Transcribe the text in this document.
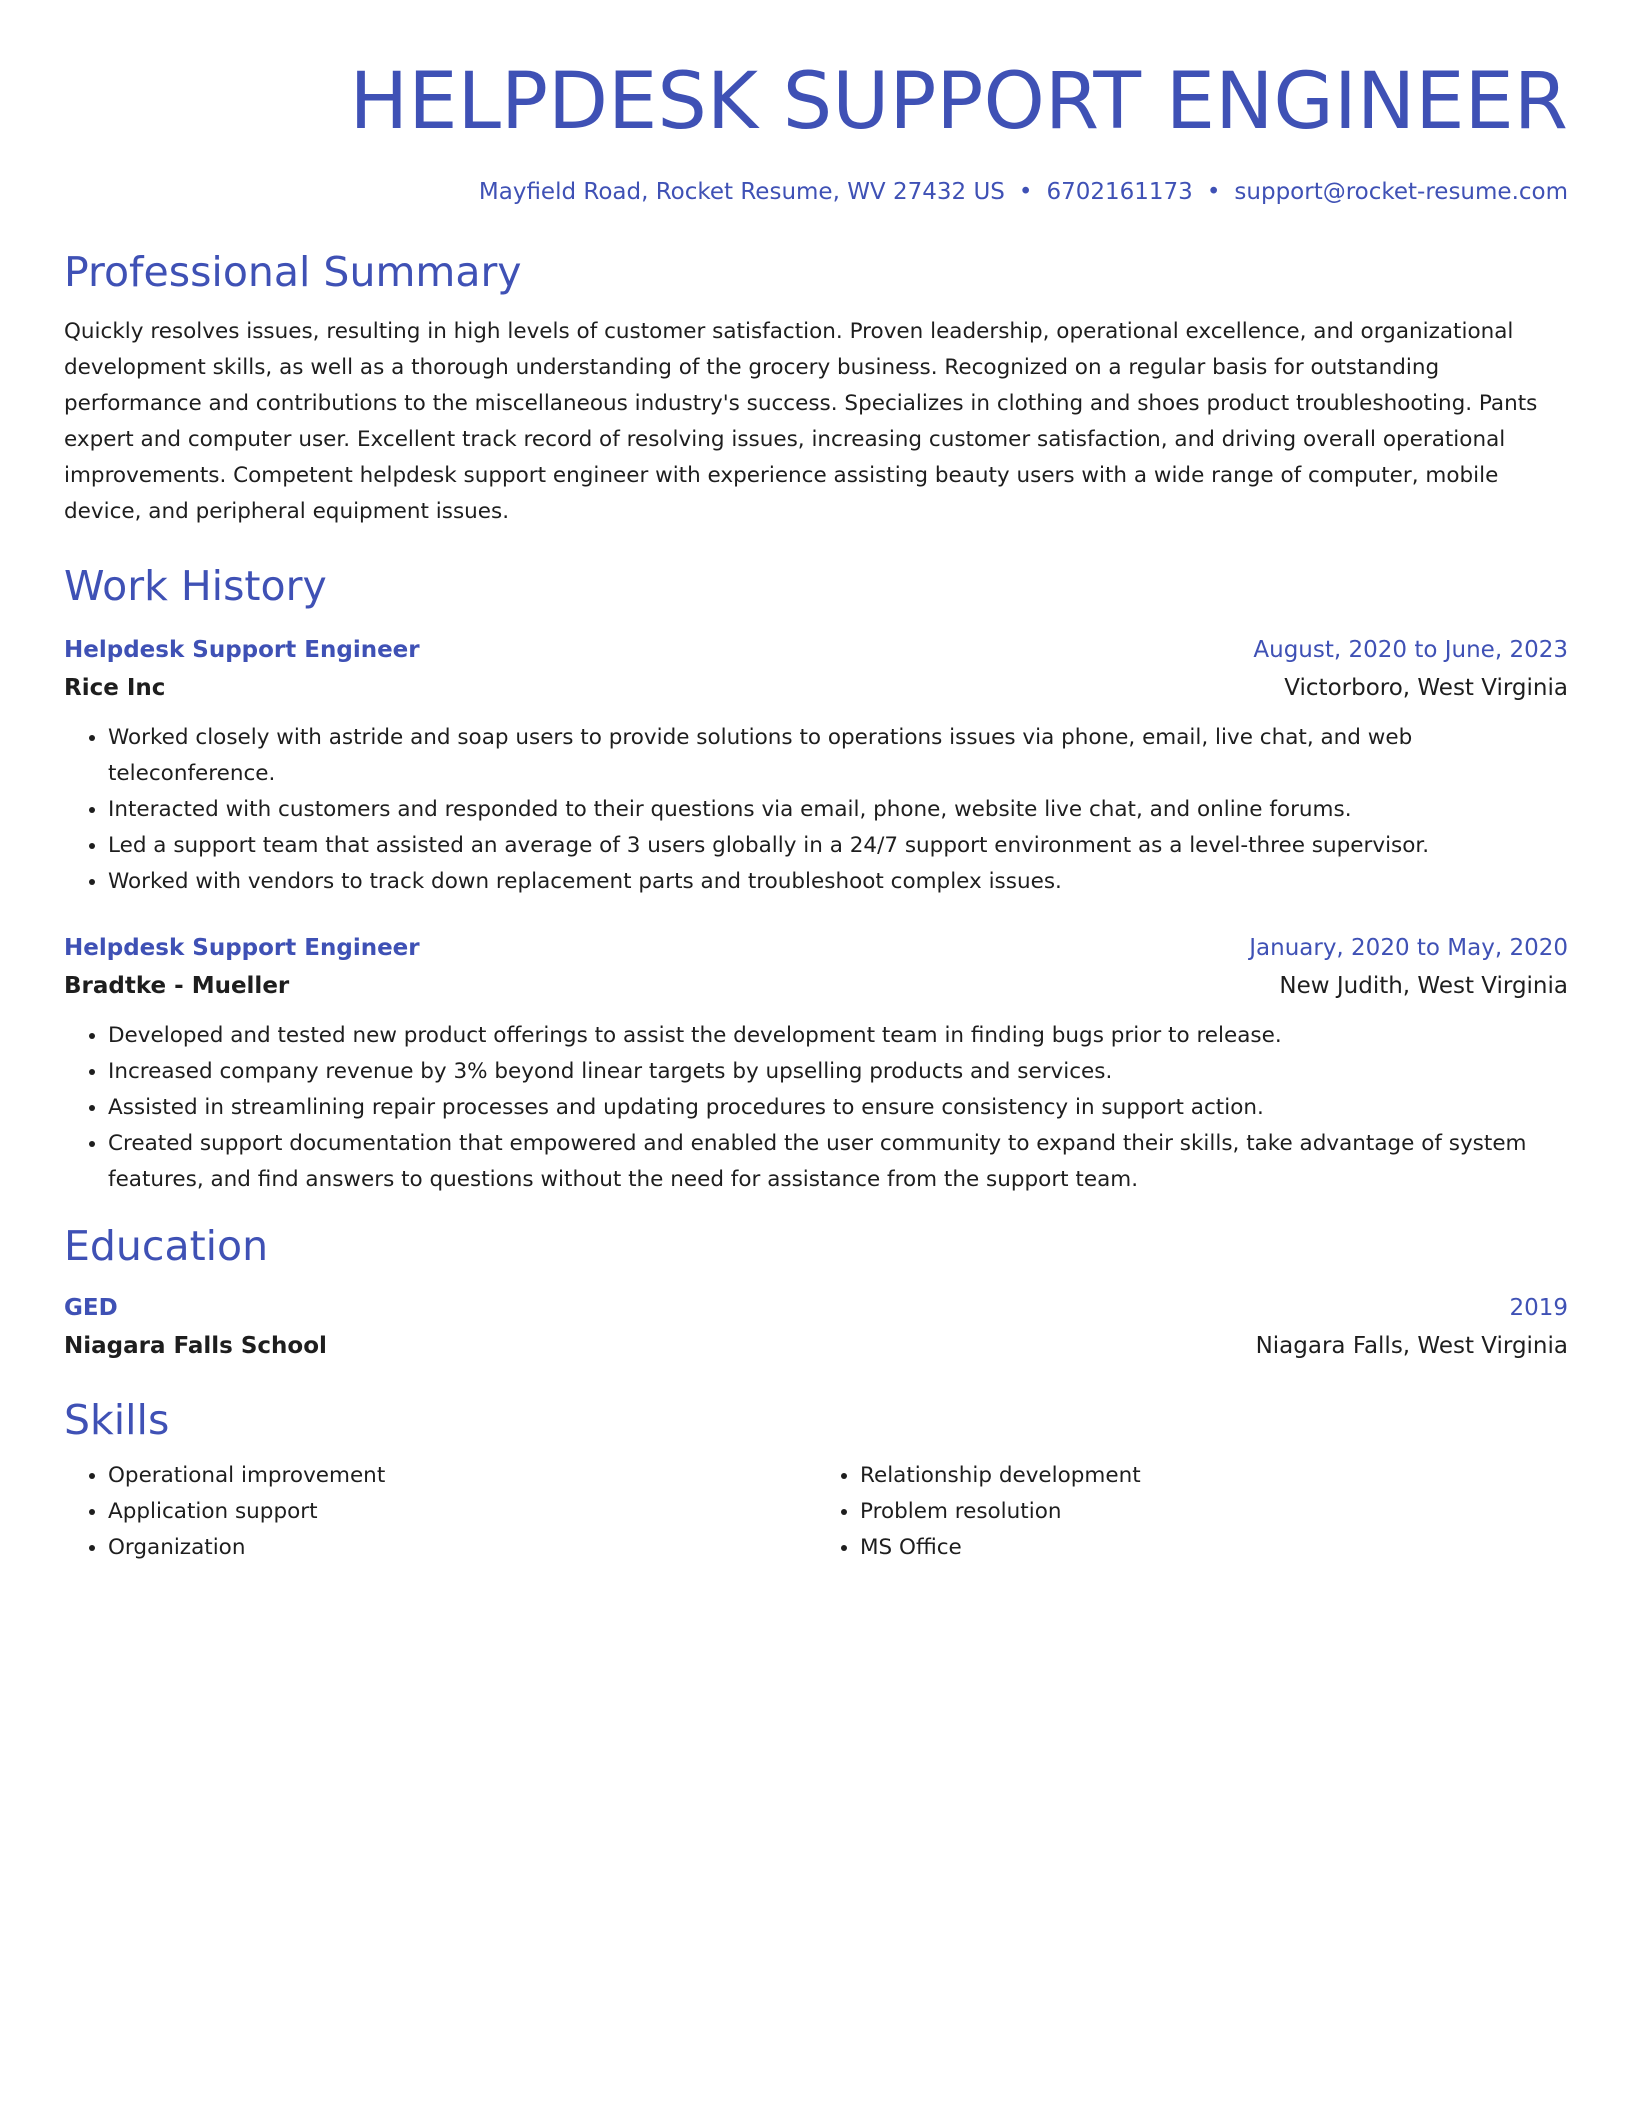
HELPDESK SUPPORT ENGINEER
Mayfield Road, Rocket Resume, WV 27432 US • 6702161173 • support@rocket-resume.com
Professional Summary
Quickly resolves issues, resulting in high levels of customer satisfaction. Proven leadership, operational excellence, and organizational development skills, as well as a thorough understanding of the grocery business. Recognized on a regular basis for outstanding performance and contributions to the miscellaneous industry's success. Specializes in clothing and shoes product troubleshooting. Pants expert and computer user. Excellent track record of resolving issues, increasing customer satisfaction, and driving overall operational improvements. Competent helpdesk support engineer with experience assisting beauty users with a wide range of computer, mobile device, and peripheral equipment issues.
Work History
Helpdesk Support Engineer	August, 2020 to June, 2023
Rice Inc	Victorboro, West Virginia
• Worked closely with astride and soap users to provide solutions to operations issues via phone, email, live chat, and web teleconference.
• Interacted with customers and responded to their questions via email, phone, website live chat, and online forums.
• Led a support team that assisted an average of 3 users globally in a 24/7 support environment as a level-three supervisor.
• Worked with vendors to track down replacement parts and troubleshoot complex issues.
Helpdesk Support Engineer	January, 2020 to May, 2020
Bradtke - Mueller	New Judith, West Virginia
• Developed and tested new product offerings to assist the development team in finding bugs prior to release.
• Increased company revenue by 3% beyond linear targets by upselling products and services.
• Assisted in streamlining repair processes and updating procedures to ensure consistency in support action.
• Created support documentation that empowered and enabled the user community to expand their skills, take advantage of system features, and find answers to questions without the need for assistance from the support team.
Education
GED	2019
Niagara Falls School	Niagara Falls, West Virginia
Skills
• Operational improvement
• Application support
• Organization
• Relationship development
• Problem resolution
• MS Office
